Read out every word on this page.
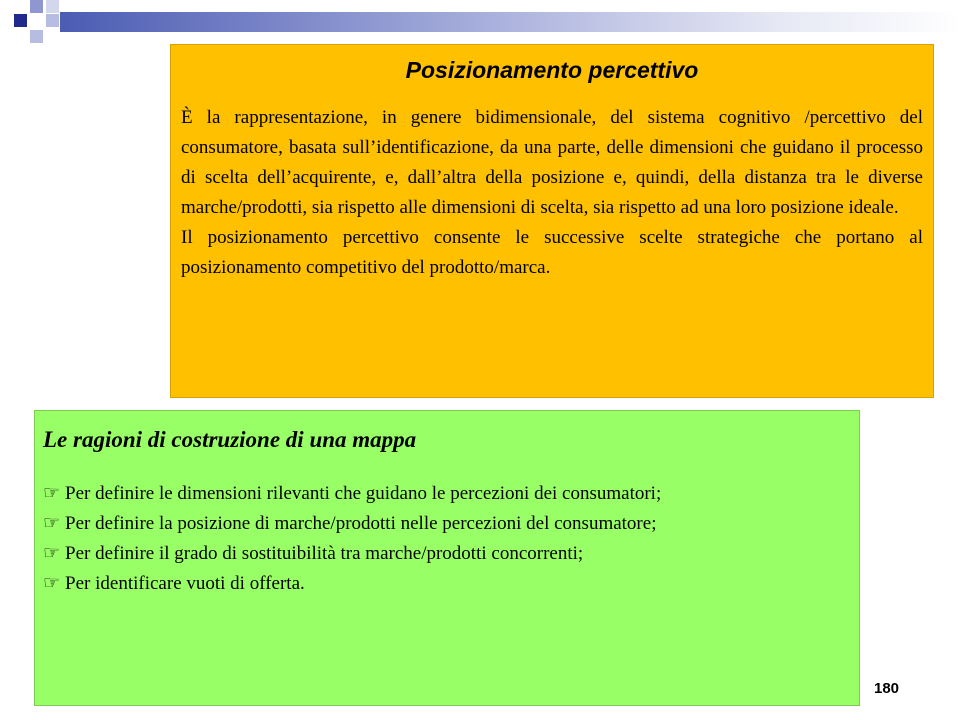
Posizionamento percettivo

È la rappresentazione, in genere bidimensionale, del sistema cognitivo /percettivo del consumatore, basata sull’identificazione, da una parte, delle dimensioni che guidano il processo di scelta dell’acquirente, e, dall’altra della posizione e, quindi, della distanza tra le diverse marche/prodotti, sia rispetto alle dimensioni di scelta, sia rispetto ad una loro posizione ideale.

Il posizionamento percettivo consente le successive scelte strategiche che portano al posizionamento competitivo del prodotto/marca.

Le ragioni di costruzione di una mappa
☞ Per definire le dimensioni rilevanti che guidano le percezioni dei consumatori;
☞ Per definire la posizione di marche/prodotti nelle percezioni del consumatore;
☞ Per definire il grado di sostituibilità tra marche/prodotti concorrenti;
☞ Per identificare vuoti di offerta.
180
